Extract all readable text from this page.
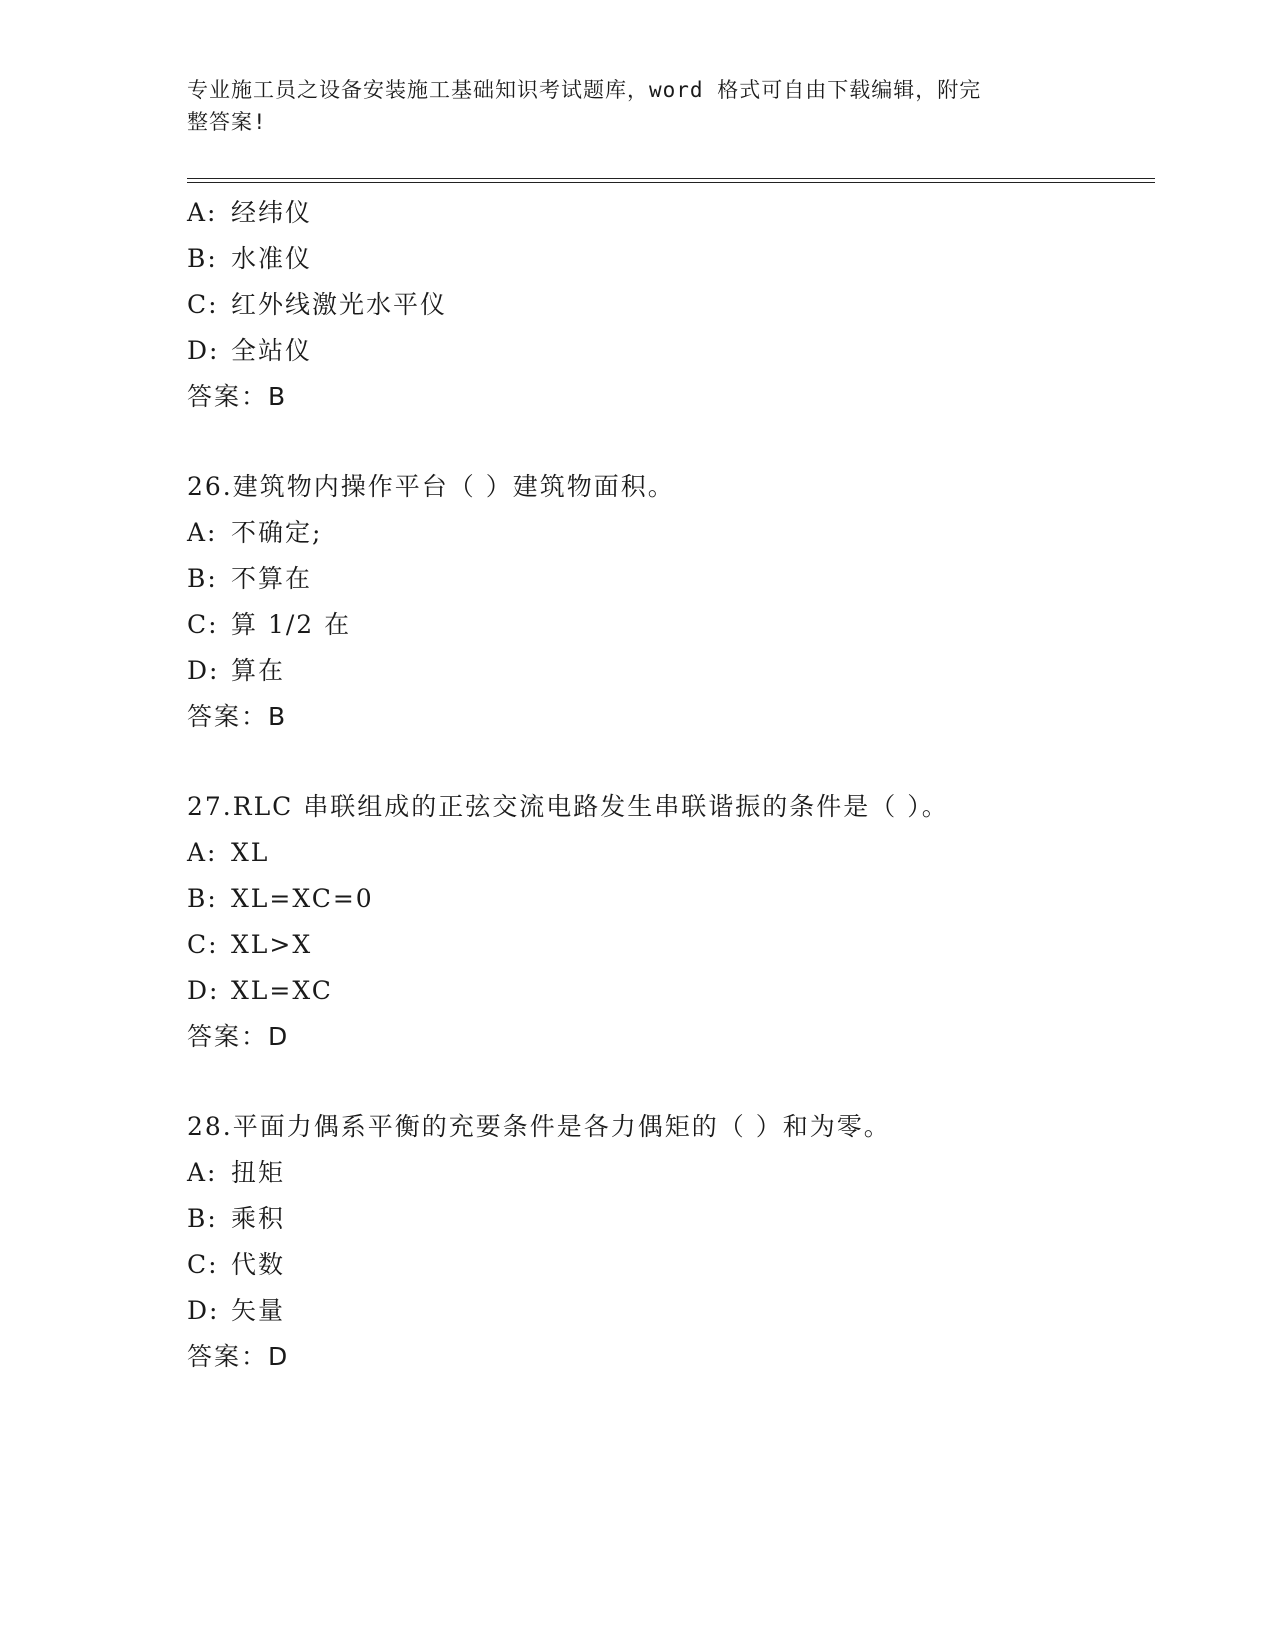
专业施工员之设备安装施工基础知识考试题库，word 格式可自由下载编辑，附完
整答案!
A: 经纬仪
B: 水准仪
C: 红外线激光水平仪
D: 全站仪
答案：B
26.建筑物内操作平台（ ）建筑物面积。
A: 不确定;
B: 不算在
C: 算 1/2 在
D: 算在
答案：B
27.RLC 串联组成的正弦交流电路发生串联谐振的条件是（ ）。
A: XL
B: XL=XC=0
C: XL>X
D: XL=XC
答案：D
28.平面力偶系平衡的充要条件是各力偶矩的（ ）和为零。
A: 扭矩
B: 乘积
C: 代数
D: 矢量
答案：D
